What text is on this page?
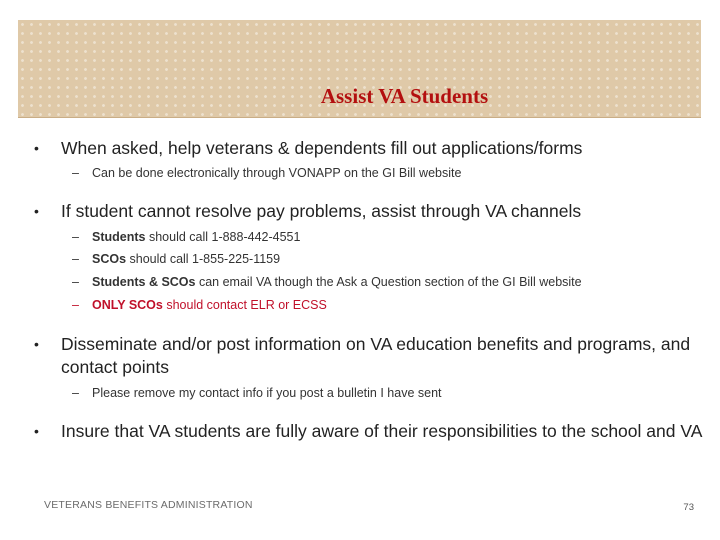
Assist VA Students
• When asked, help veterans & dependents fill out applications/forms
– Can be done electronically through VONAPP on the GI Bill website
• If student cannot resolve pay problems, assist through VA channels
– Students should call 1-888-442-4551
– SCOs should call 1-855-225-1159
– Students & SCOs can email VA though the Ask a Question section of the GI Bill website
– ONLY SCOs should contact ELR or ECSS
• Disseminate and/or post information on VA education benefits and programs, and contact points
– Please remove my contact info if you post a bulletin I have sent
• Insure that VA students are fully aware of their responsibilities to the school and VA
VETERANS BENEFITS ADMINISTRATION	73
